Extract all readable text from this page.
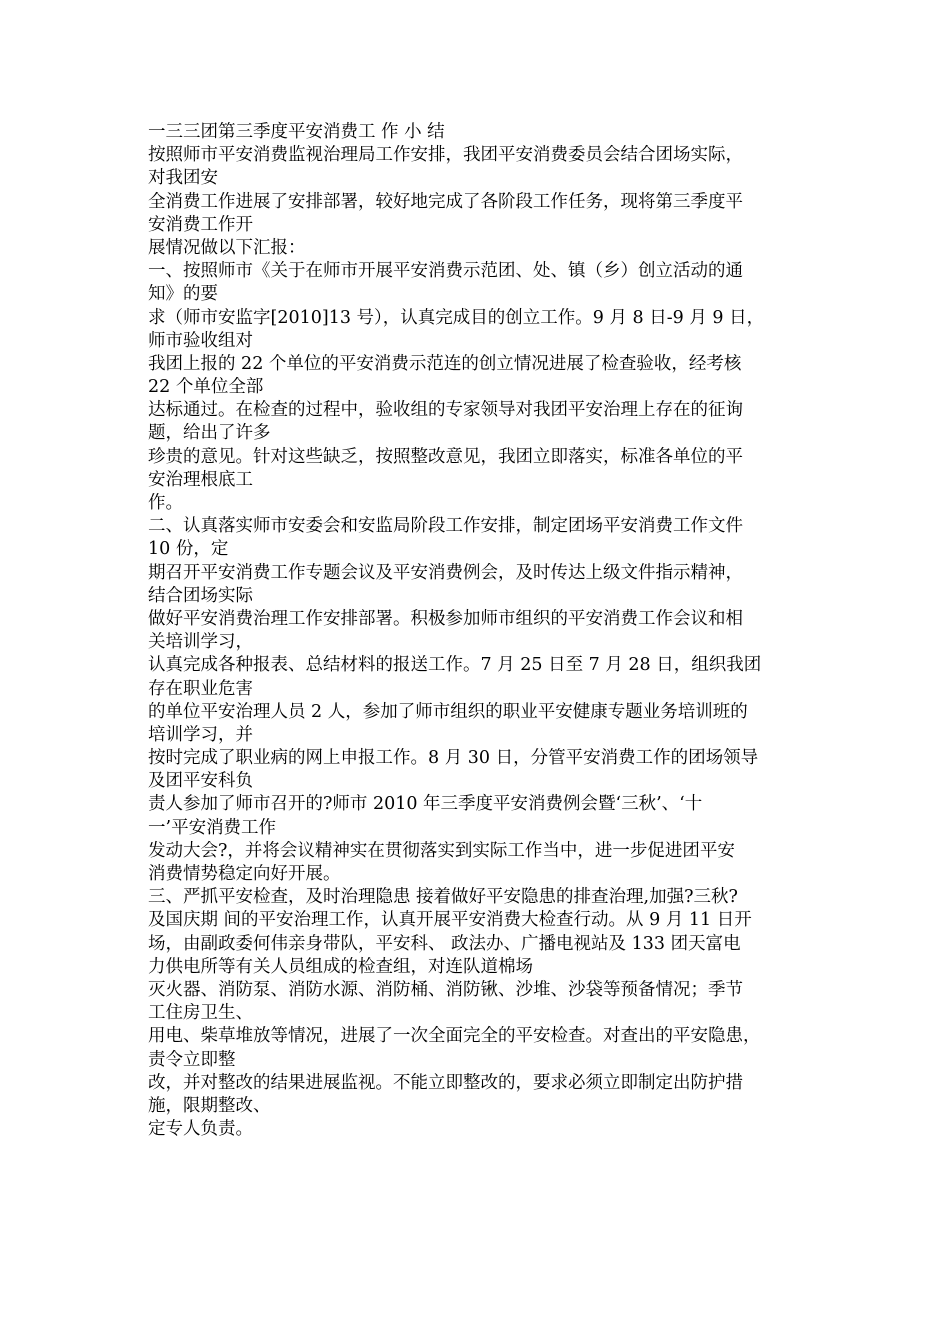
一三三团第三季度平安消费工 作 小 结
按照师市平安消费监视治理局工作安排，我团平安消费委员会结合团场实际，
对我团安
全消费工作进展了安排部署，较好地完成了各阶段工作任务，现将第三季度平
安消费工作开
展情况做以下汇报：
一、按照师市《关于在师市开展平安消费示范团、处、镇（乡）创立活动的通
知》的要
求（师市安监字[2010]13 号），认真完成目的创立工作。9 月 8 日-9 月 9 日，
师市验收组对
我团上报的 22 个单位的平安消费示范连的创立情况进展了检查验收，经考核
22 个单位全部
达标通过。在检查的过程中，验收组的专家领导对我团平安治理上存在的征询
题，给出了许多
珍贵的意见。针对这些缺乏，按照整改意见，我团立即落实，标准各单位的平
安治理根底工
作。
二、认真落实师市安委会和安监局阶段工作安排，制定团场平安消费工作文件
10 份，定
期召开平安消费工作专题会议及平安消费例会，及时传达上级文件指示精神，
结合团场实际
做好平安消费治理工作安排部署。积极参加师市组织的平安消费工作会议和相
关培训学习，
认真完成各种报表、总结材料的报送工作。7 月 25 日至 7 月 28 日，组织我团
存在职业危害
的单位平安治理人员 2 人，参加了师市组织的职业平安健康专题业务培训班的
培训学习，并
按时完成了职业病的网上申报工作。8 月 30 日，分管平安消费工作的团场领导
及团平安科负
责人参加了师市召开的?师市 2010 年三季度平安消费例会暨‘三秋’、‘十
一’平安消费工作
发动大会?，并将会议精神实在贯彻落实到实际工作当中，进一步促进团平安
消费情势稳定向好开展。
三、严抓平安检查，及时治理隐患 接着做好平安隐患的排查治理,加强?三秋?
及国庆期 间的平安治理工作，认真开展平安消费大检查行动。从 9 月 11 日开
场，由副政委何伟亲身带队，平安科、 政法办、广播电视站及 133 团天富电
力供电所等有关人员组成的检查组，对连队道棉场
灭火器、消防泵、消防水源、消防桶、消防锹、沙堆、沙袋等预备情况；季节
工住房卫生、
用电、柴草堆放等情况，进展了一次全面完全的平安检查。对查出的平安隐患，
责令立即整
改，并对整改的结果进展监视。不能立即整改的，要求必须立即制定出防护措
施，限期整改、
定专人负责。
